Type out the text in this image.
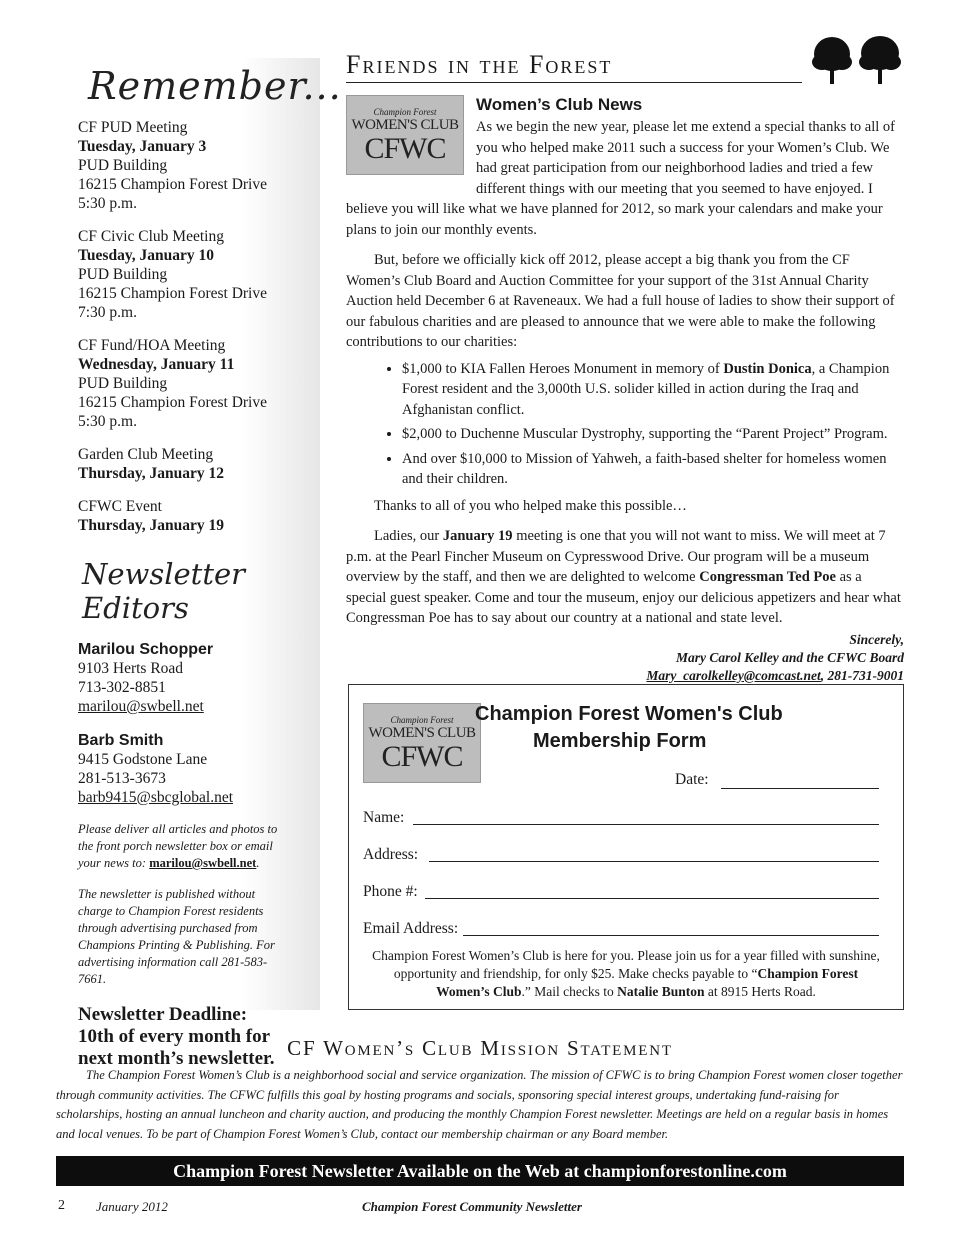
Remember...
CF PUD Meeting
Tuesday, January 3
PUD Building
16215 Champion Forest Drive
5:30 p.m.
CF Civic Club Meeting
Tuesday, January 10
PUD Building
16215 Champion Forest Drive
7:30 p.m.
CF Fund/HOA Meeting
Wednesday, January 11
PUD Building
16215 Champion Forest Drive
5:30 p.m.
Garden Club Meeting
Thursday, January 12
CFWC Event
Thursday, January 19
Newsletter Editors
Marilou Schopper
9103 Herts Road
713-302-8851
marilou@swbell.net
Barb Smith
9415 Godstone Lane
281-513-3673
barb9415@sbcglobal.net
Please deliver all articles and photos to the front porch newsletter box or email your news to: marilou@swbell.net.
The newsletter is published without charge to Champion Forest residents through advertising purchased from Champions Printing & Publishing. For advertising information call 281-583-7661.
Newsletter Deadline:
10th of every month for
next month’s newsletter.
Friends in the Forest
Champion Forest
WOMEN'S CLUB
CFWC
Women’s Club News

As we begin the new year, please let me extend a special thanks to all of you who helped make 2011 such a success for your Women’s Club. We had great participation from our neighborhood ladies and tried a few different things with our meeting that you seemed to have enjoyed. I believe you will like what we have planned for 2012, so mark your calendars and make your plans to join our monthly events.

But, before we officially kick off 2012, please accept a big thank you from the CF Women’s Club Board and Auction Committee for your support of the 31st Annual Charity Auction held December 6 at Raveneaux. We had a full house of ladies to show their support of our fabulous charities and are pleased to announce that we were able to make the following contributions to our charities:

• $1,000 to KIA Fallen Heroes Monument in memory of Dustin Donica, a Champion Forest resident and the 3,000th U.S. solider killed in action during the Iraq and Afghanistan conflict.
• $2,000 to Duchenne Muscular Dystrophy, supporting the “Parent Project” Program.
• And over $10,000 to Mission of Yahweh, a faith-based shelter for homeless women and their children.

Thanks to all of you who helped make this possible…

Ladies, our January 19 meeting is one that you will not want to miss. We will meet at 7 p.m. at the Pearl Fincher Museum on Cypresswood Drive. Our program will be a museum overview by the staff, and then we are delighted to welcome Congressman Ted Poe as a special guest speaker. Come and tour the museum, enjoy our delicious appetizers and hear what Congressman Poe has to say about our country at a national and state level.

Sincerely,
Mary Carol Kelley and the CFWC Board
Mary_carolkelley@comcast.net, 281-731-9001
Champion Forest
WOMEN'S CLUB
CFWC
Champion Forest Women's Club
Membership Form
Date:
Name:
Address:
Phone #:
Email Address:
Champion Forest Women’s Club is here for you. Please join us for a year filled with sunshine, opportunity and friendship, for only $25. Make checks payable to “Champion Forest Women’s Club.” Mail checks to Natalie Bunton at 8915 Herts Road.
CF Women’s Club Mission Statement
The Champion Forest Women’s Club is a neighborhood social and service organization. The mission of CFWC is to bring Champion Forest women closer together through community activities. The CFWC fulfills this goal by hosting programs and socials, sponsoring special interest groups, undertaking fund-raising for scholarships, hosting an annual luncheon and charity auction, and producing the monthly Champion Forest newsletter. Meetings are held on a regular basis in homes and local venues. To be part of Champion Forest Women’s Club, contact our membership chairman or any Board member.
Champion Forest Newsletter Available on the Web at championforestonline.com
2 January 2012	Champion Forest Community Newsletter
